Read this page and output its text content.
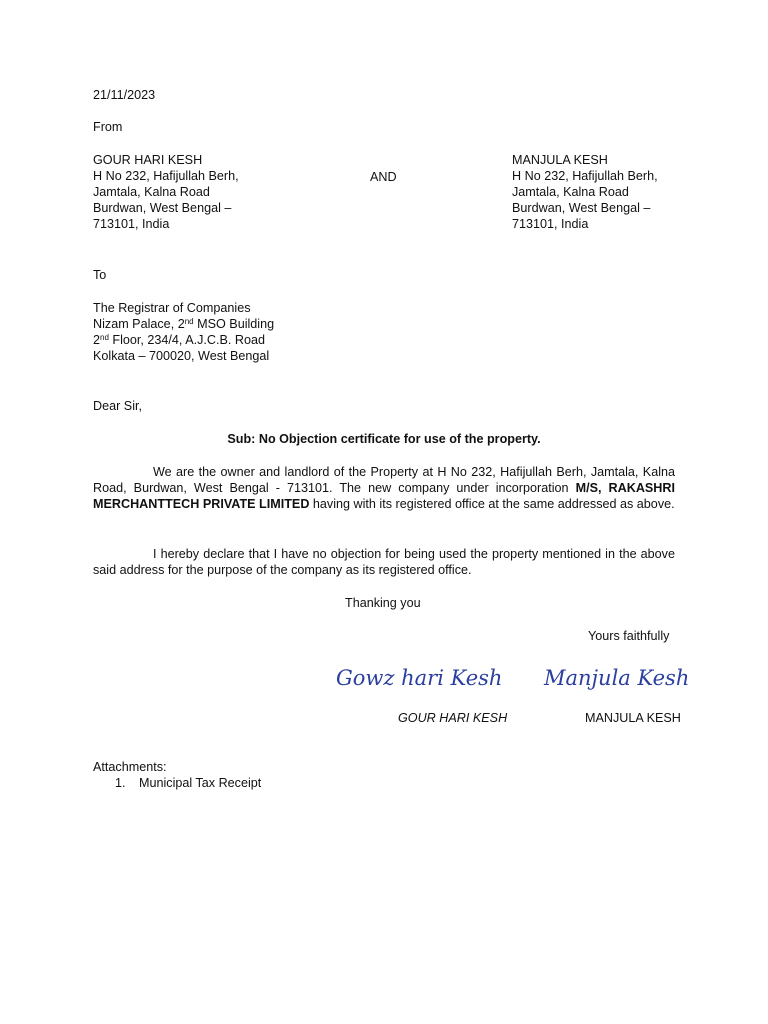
21/11/2023
From
GOUR HARI KESH
H No 232, Hafijullah Berh,
Jamtala, Kalna Road
Burdwan, West Bengal –
713101, India
AND
MANJULA KESH
H No 232, Hafijullah Berh,
Jamtala, Kalna Road
Burdwan, West Bengal –
713101, India
To
The Registrar of Companies
Nizam Palace, 2nd MSO Building
2nd Floor, 234/4, A.J.C.B. Road
Kolkata – 700020, West Bengal
Dear Sir,
Sub: No Objection certificate for use of the property.
We are the owner and landlord of the Property at H No 232, Hafijullah Berh, Jamtala, Kalna Road, Burdwan, West Bengal - 713101. The new company under incorporation M/S, RAKASHRI MERCHANTTECH PRIVATE LIMITED having with its registered office at the same addressed as above.
I hereby declare that I have no objection for being used the property mentioned in the above said address for the purpose of the company as its registered office.
Thanking you
Yours faithfully
Gowz hari Kesh Manjula Kesh
GOUR HARI KESH	MANJULA KESH
Attachments:
1. Municipal Tax Receipt
